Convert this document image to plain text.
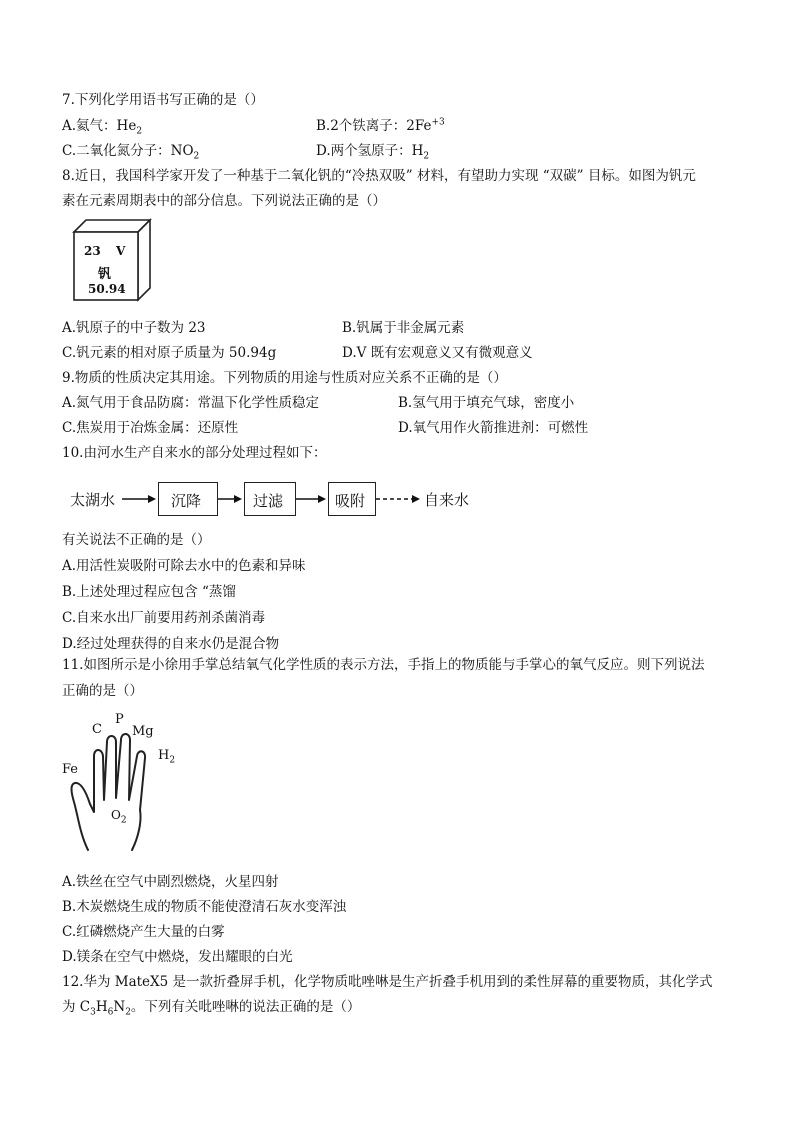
7.下列化学用语书写正确的是（）
A.氦气：$He_2$	B.2个铁离子：$2Fe^{+3}$
C.二氧化氮分子：$NO_2$	D.两个氢原子：$H_2$
8.近日，我国科学家开发了一种基于二氧化钒的“冷热双吸” 材料，有望助力实现 “双碳” 目标。如图为钒元
素在元素周期表中的部分信息。下列说法正确的是（）
23 V
钒
50.94
A.钒原子的中子数为 23	B.钒属于非金属元素
C.钒元素的相对原子质量为 50.94g	D.V 既有宏观意义又有微观意义
9.物质的性质决定其用途。下列物质的用途与性质对应关系不正确的是（）
A.氮气用于食品防腐：常温下化学性质稳定	B.氢气用于填充气球，密度小
C.焦炭用于冶炼金属：还原性	D.氧气用作火箭推进剂：可燃性
10.由河水生产自来水的部分处理过程如下：
太湖水	沉降	过滤	吸附	自来水
有关说法不正确的是（）
A.用活性炭吸附可除去水中的色素和异味
B.上述处理过程应包含 “蒸馏
C.自来水出厂前要用药剂杀菌消毒
D.经过处理获得的自来水仍是混合物
11.如图所示是小徐用手掌总结氧气化学性质的表示方法，手指上的物质能与手掌心的氧气反应。则下列说法
正确的是（）
Fe
C
P
Mg
$H_2$
$O_2$
A.铁丝在空气中剧烈燃烧，火星四射
B.木炭燃烧生成的物质不能使澄清石灰水变浑浊
C.红磷燃烧产生大量的白雾
D.镁条在空气中燃烧，发出耀眼的白光
12.华为 MateX5 是一款折叠屏手机，化学物质吡唑啉是生产折叠手机用到的柔性屏幕的重要物质，其化学式
为 $C_3H_6N_2$。下列有关吡唑啉的说法正确的是（）
